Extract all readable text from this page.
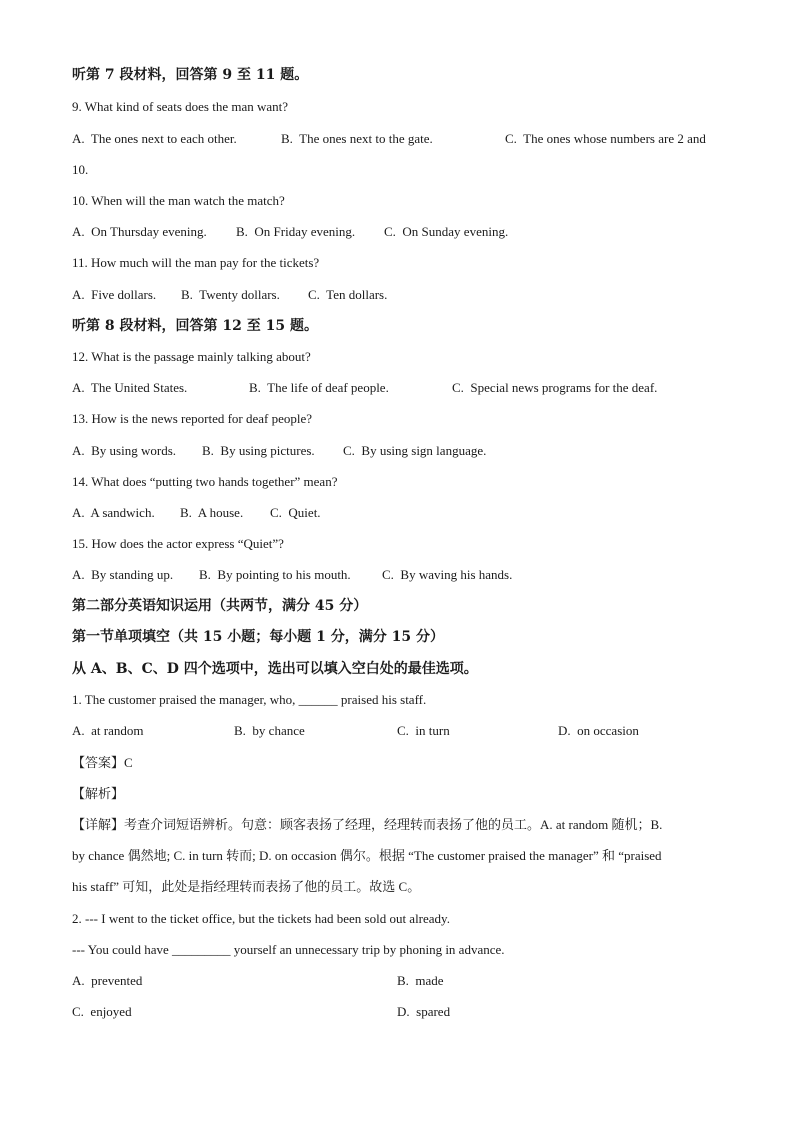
听第 7 段材料，回答第 9 至 11 题。
9. What kind of seats does the man want?
A.  The ones next to each other.	B.  The ones next to the gate.	C.  The ones whose numbers are 2 and
10.
10. When will the man watch the match?
A.  On Thursday evening. B.  On Friday evening. C.  On Sunday evening.
11. How much will the man pay for the tickets?
A.  Five dollars. B.  Twenty dollars. C.  Ten dollars.
听第 8 段材料，回答第 12 至 15 题。
12. What is the passage mainly talking about?
A.  The United States.	B.  The life of deaf people.	C.  Special news programs for the deaf.
13. How is the news reported for deaf people?
A.  By using words. B.  By using pictures. C.  By using sign language.
14. What does “putting two hands together” mean?
A.  A sandwich. B.  A house. C.  Quiet.
15. How does the actor express “Quiet”?
A.  By standing up. B.  By pointing to his mouth. C.  By waving his hands.
第二部分英语知识运用（共两节，满分 45 分）
第一节单项填空（共 15 小题；每小题 1 分，满分 15 分）
从 A、B、C、D 四个选项中，选出可以填入空白处的最佳选项。
1. The customer praised the manager, who, ______ praised his staff.
A.  at random	B.  by chance	C.  in turn	D.  on occasion
【答案】C
【解析】
【详解】考查介词短语辨析。句意：顾客表扬了经理，经理转而表扬了他的员工。A. at random 随机；B.
by chance 偶然地; C. in turn 转而; D. on occasion 偶尔。根据 “The customer praised the manager” 和 “praised
his staff” 可知，此处是指经理转而表扬了他的员工。故选 C。
2. --- I went to the ticket office, but the tickets had been sold out already.
--- You could have _________ yourself an unnecessary trip by phoning in advance.
A.  prevented	B.  made
C.  enjoyed	D.  spared
